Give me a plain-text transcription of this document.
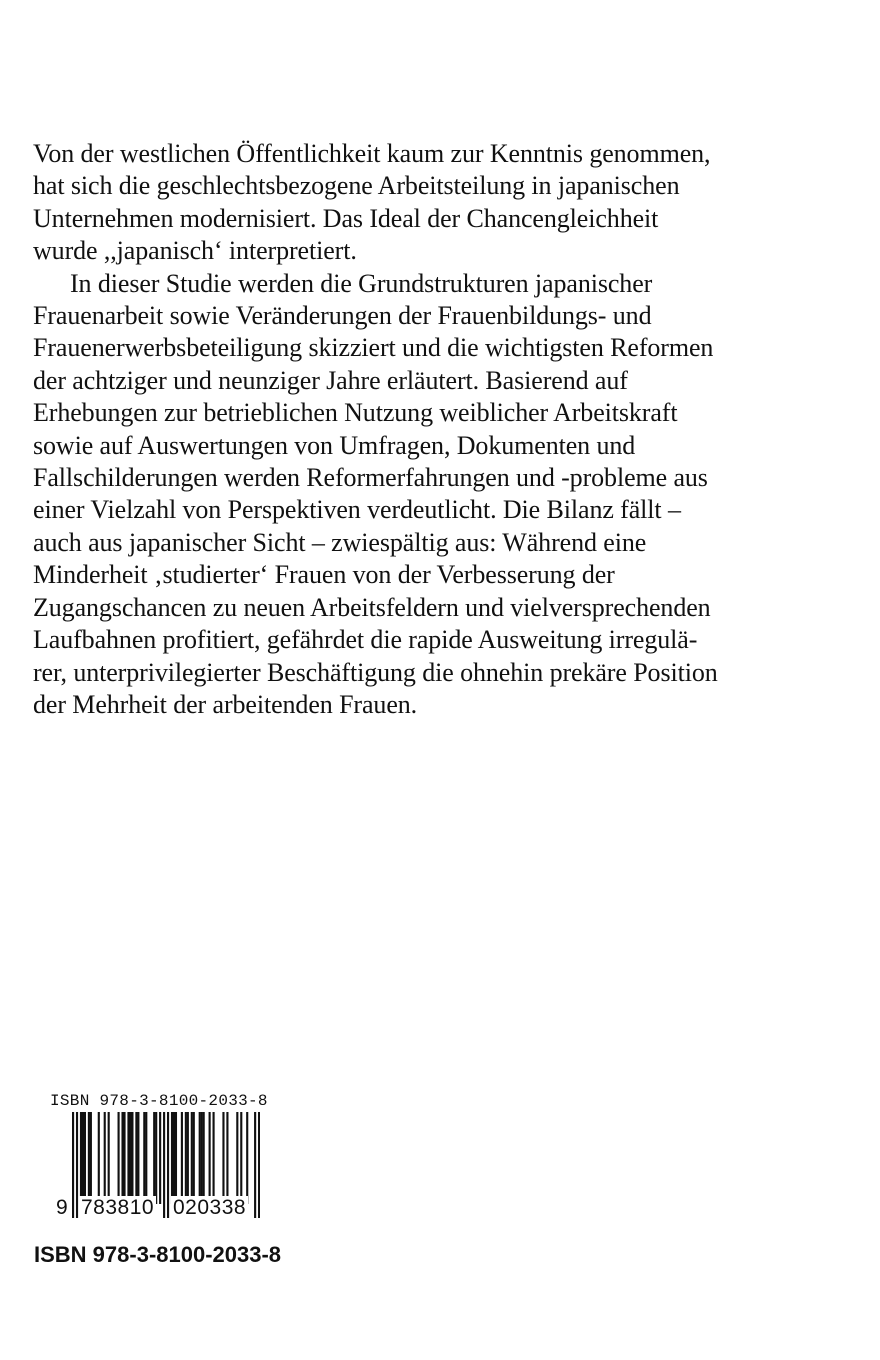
Von der westlichen Öffentlichkeit kaum zur Kenntnis genommen,
hat sich die geschlechtsbezogene Arbeitsteilung in japanischen
Unternehmen modernisiert. Das Ideal der Chancengleichheit
wurde ,,japanisch‘ interpretiert.
In dieser Studie werden die Grundstrukturen japanischer
Frauenarbeit sowie Veränderungen der Frauenbildungs- und
Frauenerwerbsbeteiligung skizziert und die wichtigsten Reformen
der achtziger und neunziger Jahre erläutert. Basierend auf
Erhebungen zur betrieblichen Nutzung weiblicher Arbeitskraft
sowie auf Auswertungen von Umfragen, Dokumenten und
Fallschilderungen werden Reformerfahrungen und -probleme aus
einer Vielzahl von Perspektiven verdeutlicht. Die Bilanz fällt –
auch aus japanischer Sicht – zwiespältig aus: Während eine
Minderheit ‚studierter‘ Frauen von der Verbesserung der
Zugangschancen zu neuen Arbeitsfeldern und vielversprechenden
Laufbahnen profitiert, gefährdet die rapide Ausweitung irregulä-
rer, unterprivilegierter Beschäftigung die ohnehin prekäre Position
der Mehrheit der arbeitenden Frauen.
ISBN 978-3-8100-2033-8
9 783810 020338
ISBN 978-3-8100-2033-8
